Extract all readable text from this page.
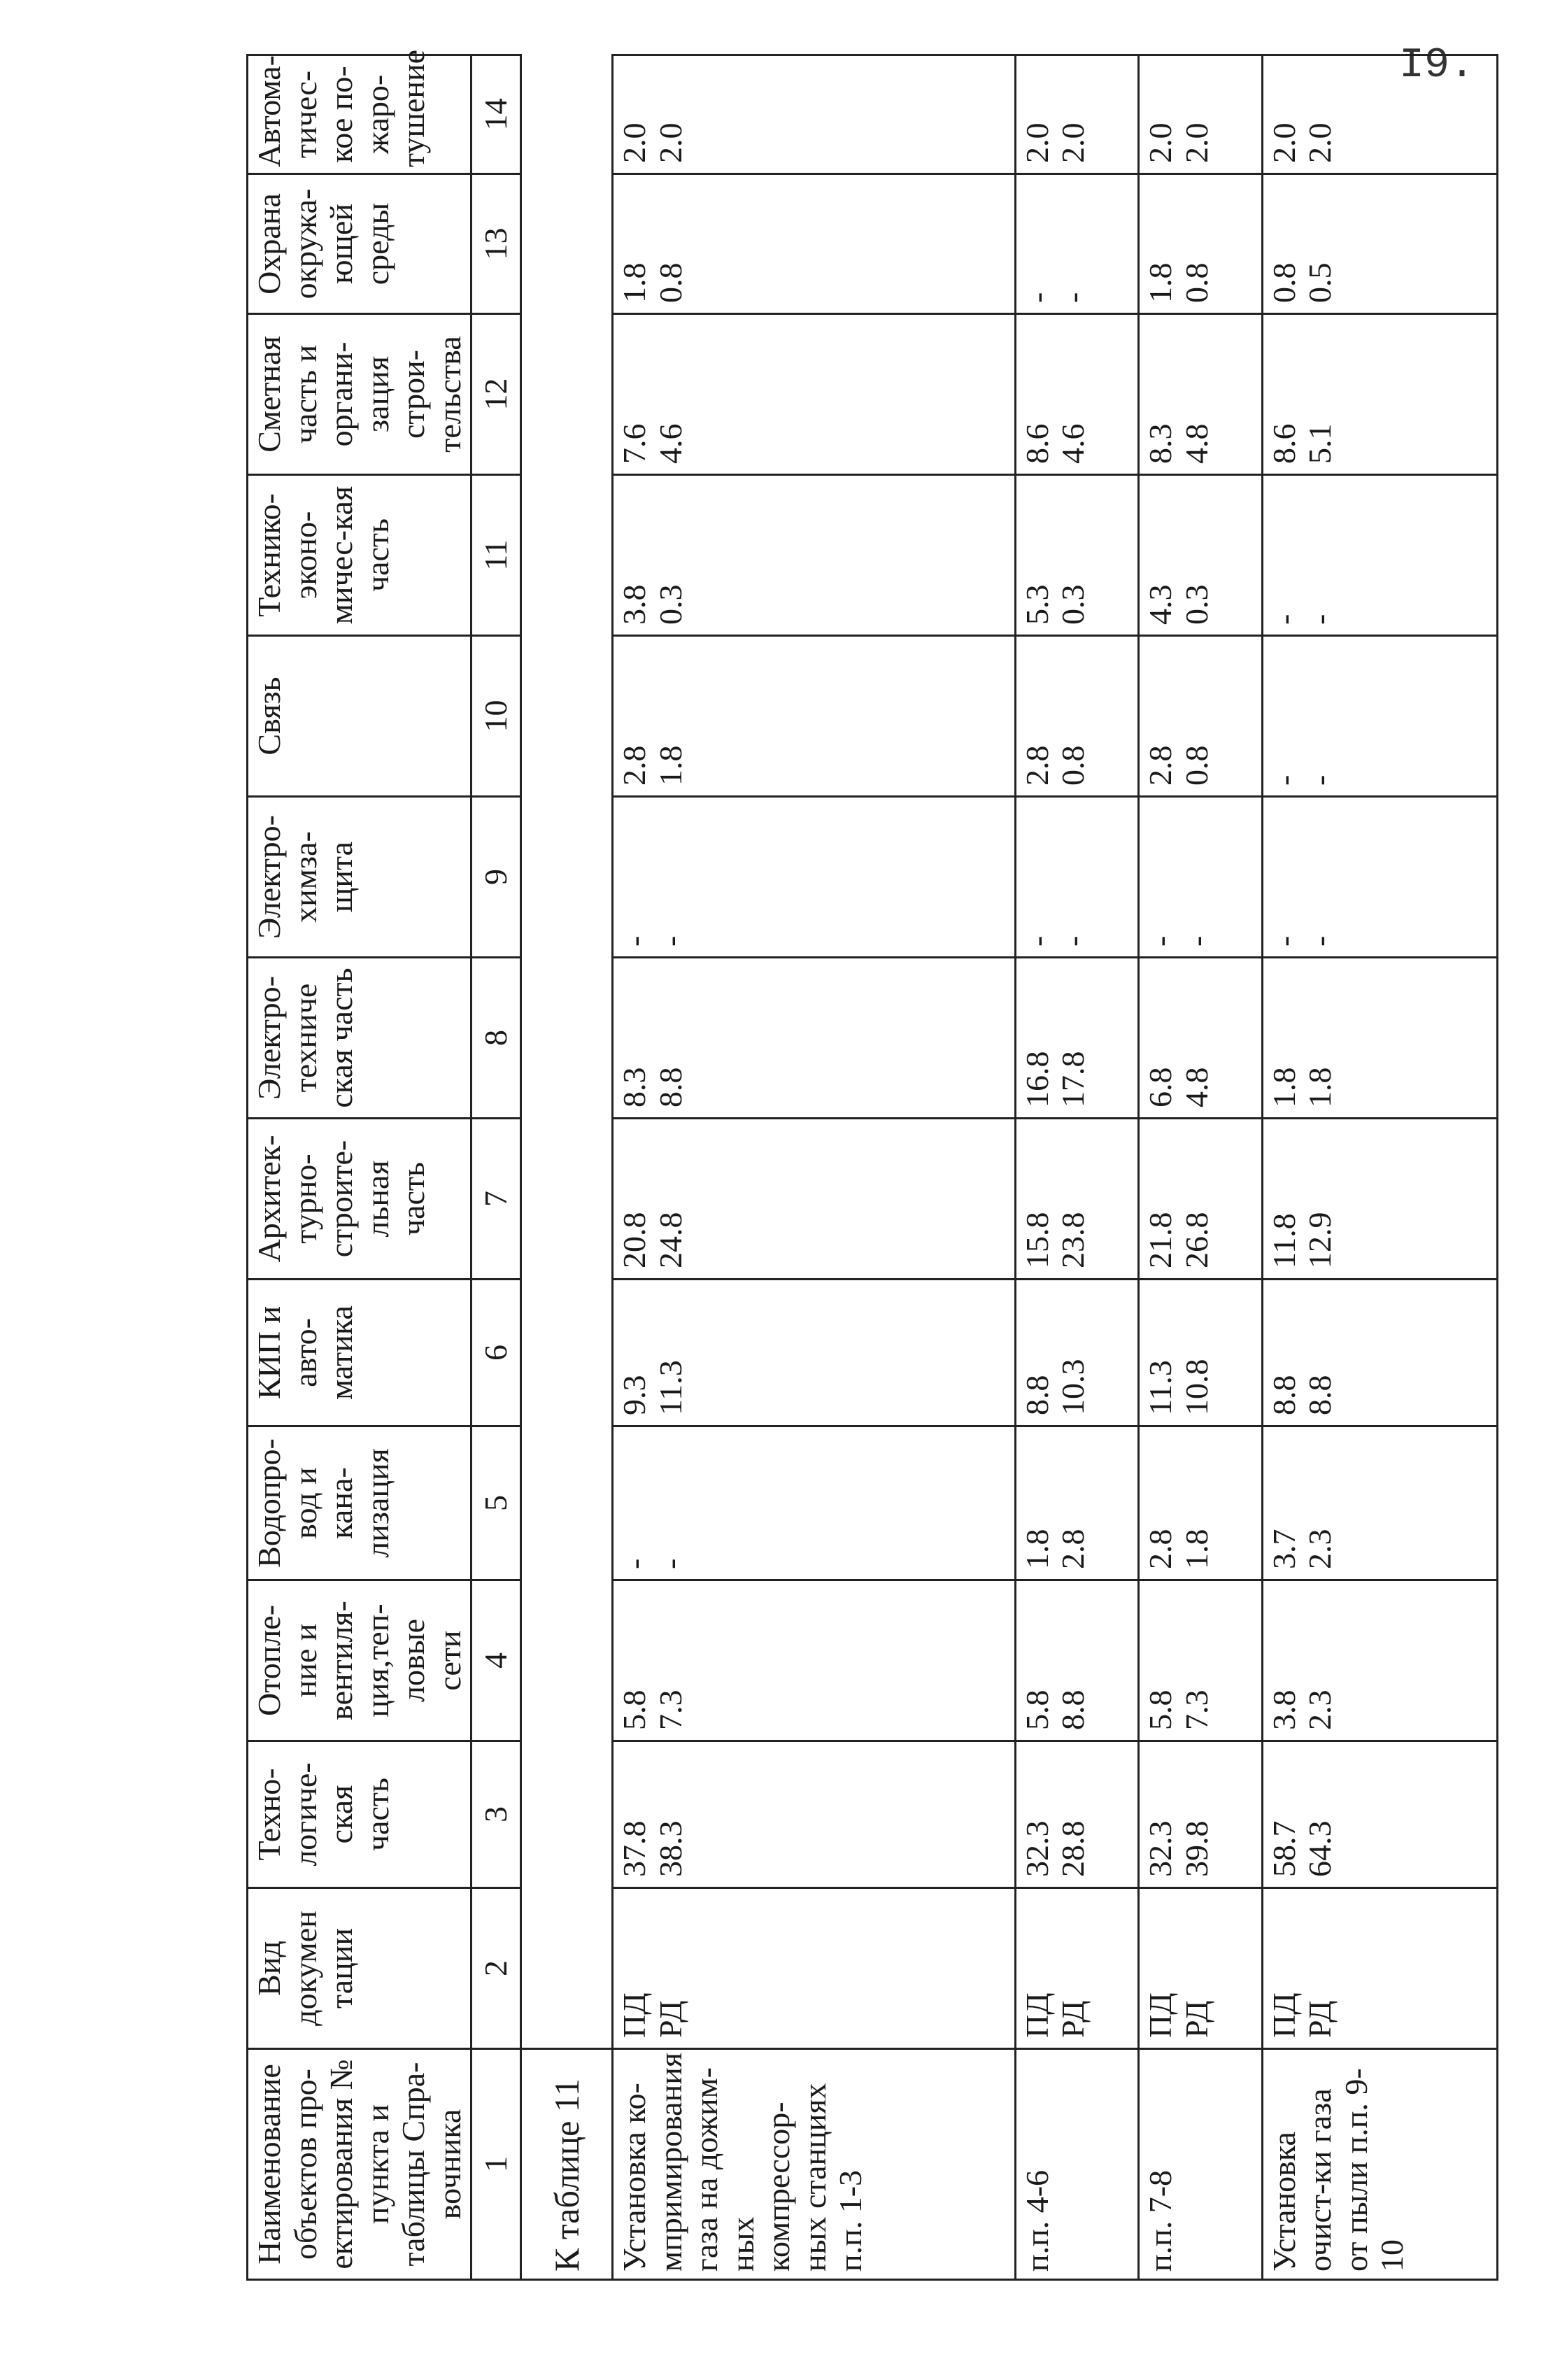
I9.
Наименование объектов про-ектирования № пункта и таблицы Спра-вочника	Вид докумен тации	Техно-логиче-ская часть	Отопле-ние и вентиля-ция,теп-ловые сети	Водопро-вод и кана-лизация	КИП и авто-матика	Архитек-турно-строите-льная часть	Электро-техниче ская часть	Электро-химза-щита	Связь	Технико-эконо-мичес-кая часть	Сметная часть и органи-зация строи-тельства	Охрана окружа-ющей среды	Автома-тичес-кое по-жаро-тушение
1	2	3	4	5	6	7	8	9	10	11	12	13	14
К таблице 11													
Установка ко-мпримирования газа на дожим-ных компрессор-ных станциях п.п. 1-3	ПД РД	37.8 38.3	5.8 7.3	- -	9.3 11.3	20.8 24.8	8.3 8.8	- -	2.8 1.8	3.8 0.3	7.6 4.6	1.8 0.8	2.0 2.0

п.п. 4-6	ПД РД	32.3 28.8	5.8 8.8	1.8 2.8	8.8 10.3	15.8 23.8	16.8 17.8	- -	2.8 0.8	5.3 0.3	8.6 4.6	- -	2.0 2.0

п.п. 7-8	ПД РД	32.3 39.8	5.8 7.3	2.8 1.8	11.3 10.8	21.8 26.8	6.8 4.8	- -	2.8 0.8	4.3 0.3	8.3 4.8	1.8 0.8	2.0 2.0

Установка очист-ки газа от пыли п.п. 9-10	ПД РД	58.7 64.3	3.8 2.3	3.7 2.3	8.8 8.8	11.8 12.9	1.8 1.8	- -	- -	- -	8.6 5.1	0.8 0.5	2.0 2.0
